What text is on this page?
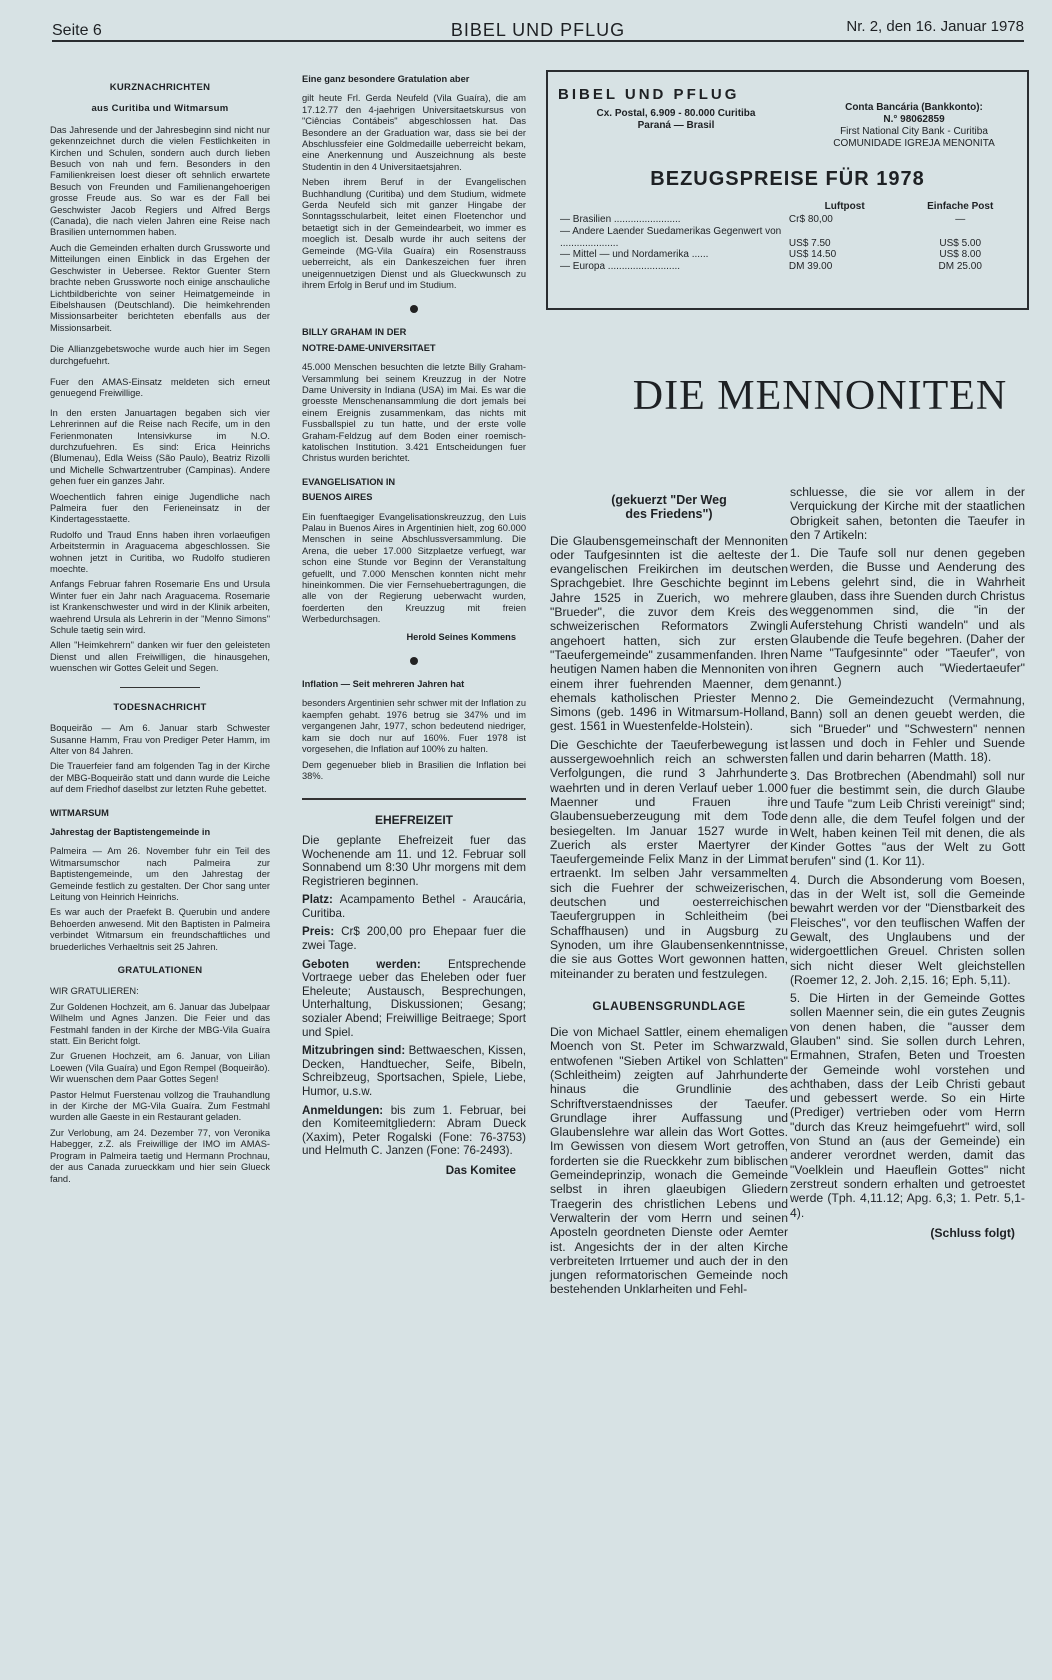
Seite 6	BIBEL UND PFLUG	Nr. 2, den 16. Januar 1978
KURZNACHRICHTEN
aus Curitiba und Witmarsum

Das Jahresende und der Jahresbeginn sind nicht nur gekennzeichnet durch die vielen Festlichkeiten in Kirchen und Schulen, sondern auch durch lieben Besuch von nah und fern. Besonders in den Familienkreisen loest dieser oft sehnlich erwartete Besuch von Freunden und Familienangehoerigen grosse Freude aus. So war es der Fall bei Geschwister Jacob Regiers und Alfred Bergs (Canada), die nach vielen Jahren eine Reise nach Brasilien unternommen haben.

Auch die Gemeinden erhalten durch Grussworte und Mitteilungen einen Einblick in das Ergehen der Geschwister in Uebersee. Rektor Guenter Stern brachte neben Grussworte noch einige anschauliche Lichtbildberichte von seiner Heimatgemeinde in Eibelshausen (Deutschland). Die heimkehrenden Missionsarbeiter berichteten ebenfalls aus der Missionsarbeit.

Die Allianzgebetswoche wurde auch hier im Segen durchgefuehrt.

Fuer den AMAS-Einsatz meldeten sich erneut genuegend Freiwillige.

In den ersten Januartagen begaben sich vier Lehrerinnen auf die Reise nach Recife, um in den Ferienmonaten Intensivkurse im N.O. durchzufuehren. Es sind: Erica Heinrichs (Blumenau), Edla Weiss (São Paulo), Beatriz Rizolli und Michelle Schwartzentruber (Campinas). Andere gehen fuer ein ganzes Jahr.

Woechentlich fahren einige Jugendliche nach Palmeira fuer den Ferieneinsatz in der Kindertagesstaette.

Rudolfo und Traud Enns haben ihren vorlaeufigen Arbeitstermin in Araguacema abgeschlossen. Sie wohnen jetzt in Curitiba, wo Rudolfo studieren moechte.

Anfangs Februar fahren Rosemarie Ens und Ursula Winter fuer ein Jahr nach Araguacema. Rosemarie ist Krankenschwester und wird in der Klinik arbeiten, waehrend Ursula als Lehrerin in der "Menno Simons" Schule taetig sein wird.

Allen "Heimkehrern" danken wir fuer den geleisteten Dienst und allen Freiwilligen, die hinausgehen, wuenschen wir Gottes Geleit und Segen.

TODESNACHRICHT

Boqueirão — Am 6. Januar starb Schwester Susanne Hamm, Frau von Prediger Peter Hamm, im Alter von 84 Jahren.

Die Trauerfeier fand am folgenden Tag in der Kirche der MBG-Boqueirão statt und dann wurde die Leiche auf dem Friedhof daselbst zur letzten Ruhe gebettet.

WITMARSUM
Jahrestag der Baptistengemeinde in

Palmeira — Am 26. November fuhr ein Teil des Witmarsumschor nach Palmeira zur Baptistengemeinde, um den Jahrestag der Gemeinde festlich zu gestalten. Der Chor sang unter Leitung von Heinrich Heinrichs.

Es war auch der Praefekt B. Querubin und andere Behoerden anwesend. Mit den Baptisten in Palmeira verbindet Witmarsum ein freundschaftliches und bruederliches Verhaeltnis seit 25 Jahren.

GRATULATIONEN

WIR GRATULIEREN:

Zur Goldenen Hochzeit, am 6. Januar das Jubelpaar Wilhelm und Agnes Janzen. Die Feier und das Festmahl fanden in der Kirche der MBG-Vila Guaíra statt. Ein Bericht folgt.

Zur Gruenen Hochzeit, am 6. Januar, von Lilian Loewen (Vila Guaíra) und Egon Rempel (Boqueirão). Wir wuenschen dem Paar Gottes Segen!

Pastor Helmut Fuerstenau vollzog die Trauhandlung in der Kirche der MG-Vila Guaíra. Zum Festmahl wurden alle Gaeste in ein Restaurant geladen.

Zur Verlobung, am 24. Dezember 77, von Veronika Habegger, z.Z. als Freiwillige der IMO im AMAS-Program in Palmeira taetig und Hermann Prochnau, der aus Canada zurueckkam und hier sein Glueck fand.

Eine ganz besondere Gratulation aber

gilt heute Frl. Gerda Neufeld (Vila Guaíra), die am 17.12.77 den 4-jaehrigen Universitaetskursus von "Ciências Contábeis" abgeschlossen hat. Das Besondere an der Graduation war, dass sie bei der Abschlussfeier eine Goldmedaille ueberreicht bekam, eine Anerkennung und Auszeichnung als beste Studentin in den 4 Universitaetsjahren.

Neben ihrem Beruf in der Evangelischen Buchhandlung (Curitiba) und dem Studium, widmete Gerda Neufeld sich mit ganzer Hingabe der Sonntagsschularbeit, leitet einen Floetenchor und betaetigt sich in der Gemeindearbeit, wo immer es moeglich ist. Desalb wurde ihr auch seitens der Gemeinde (MG-Vila Guaíra) ein Rosenstrauss ueberreicht, als ein Dankeszeichen fuer ihren uneigennuetzigen Dienst und als Glueckwunsch zu ihrem Erfolg in Beruf und im Studium.

BILLY GRAHAM IN DER
NOTRE-DAME-UNIVERSITAET

45.000 Menschen besuchten die letzte Billy Graham-Versammlung bei seinem Kreuzzug in der Notre Dame University in Indiana (USA) im Mai. Es war die groesste Menschenansammlung die dort jemals bei einem Ereignis zusammenkam, das nichts mit Fussballspiel zu tun hatte, und der erste volle Graham-Feldzug auf dem Boden einer roemisch-katolischen Institution. 3.421 Entscheidungen fuer Christus wurden berichtet.

EVANGELISATION IN
BUENOS AIRES

Ein fuenftaegiger Evangelisationskreuzzug, den Luis Palau in Buenos Aires in Argentinien hielt, zog 60.000 Menschen in seine Abschlussversammlung. Die Arena, die ueber 17.000 Sitzplaetze verfuegt, war schon eine Stunde vor Beginn der Veranstaltung gefuellt, und 7.000 Menschen konnten nicht mehr hineinkommen. Die vier Fernsehuebertragungen, die alle von der Regierung ueberwacht wurden, foerderten den Kreuzzug mit freien Werbedurchsagen.

Herold Seines Kommens
Inflation — Seit mehreren Jahren hat

besonders Argentinien sehr schwer mit der Inflation zu kaempfen gehabt. 1976 betrug sie 347% und im vergangenen Jahr, 1977, schon bedeutend niedriger, kam sie doch nur auf 160%. Fuer 1978 ist vorgesehen, die Inflation auf 100% zu halten.

Dem gegenueber blieb in Brasilien die Inflation bei 38%.

EHEFREIZEIT

Die geplante Ehefreizeit fuer das Wochenende am 11. und 12. Februar soll Sonnabend um 8:30 Uhr morgens mit dem Registrieren beginnen.

Platz: Acampamento Bethel - Araucária, Curitiba.

Preis: Cr$ 200,00 pro Ehepaar fuer die zwei Tage.

Geboten werden: Entsprechende Vortraege ueber das Eheleben oder fuer Eheleute; Austausch, Besprechungen, Unterhaltung, Diskussionen; Gesang; sozialer Abend; Freiwillige Beitraege; Sport und Spiel.

Mitzubringen sind: Bettwaeschen, Kissen, Decken, Handtuecher, Seife, Bibeln, Schreibzeug, Sportsachen, Spiele, Liebe, Humor, u.s.w.

Anmeldungen: bis zum 1. Februar, bei den Komiteemitgliedern: Abram Dueck (Xaxim), Peter Rogalski (Fone: 76-3753) und Helmuth C. Janzen (Fone: 76-2493).

Das Komitee
BIBEL UND PFLUG
Cx. Postal, 6.909 - 80.000 Curitiba
Paraná — Brasil
Conta Bancária (Bankkonto):
N.° 98062859
First National City Bank - Curitiba
COMUNIDADE IGREJA MENONITA
BEZUGSPREISE FÜR 1978
	Luftpost	Einfache Post
— Brasilien ........................	Cr$ 80,00	—
— Andere Laender Suedamerikas Gegenwert von .....................	US$ 7.50	US$ 5.00
— Mittel — und Nordamerika ......	US$ 14.50	US$ 8.00
— Europa ..........................	DM 39.00	DM 25.00
DIE MENNONITEN
(gekuerzt "Der Weg
des Friedens")

Die Glaubensgemeinschaft der Mennoniten oder Taufgesinnten ist die aelteste der evangelischen Freikirchen im deutschen Sprachgebiet. Ihre Geschichte beginnt im Jahre 1525 in Zuerich, wo mehrere "Brueder", die zuvor dem Kreis des schweizerischen Reformators Zwingli angehoert hatten, sich zur ersten "Taeufergemeinde" zusammenfanden. Ihren heutigen Namen haben die Mennoniten von einem ihrer fuehrenden Maenner, dem ehemals katholischen Priester Menno Simons (geb. 1496 in Witmarsum-Holland, gest. 1561 in Wuestenfelde-Holstein).

Die Geschichte der Taeuferbewegung ist aussergewoehnlich reich an schwersten Verfolgungen, die rund 3 Jahrhunderte waehrten und in deren Verlauf ueber 1.000 Maenner und Frauen ihre Glaubensueberzeugung mit dem Tode besiegelten. Im Januar 1527 wurde in Zuerich als erster Maertyrer der Taeufergemeinde Felix Manz in der Limmat ertraenkt. Im selben Jahr versammelten sich die Fuehrer der schweizerischen, deutschen und oesterreichischen Taeufergruppen in Schleitheim (bei Schaffhausen) und in Augsburg zu Synoden, um ihre Glaubensenkenntnisse, die sie aus Gottes Wort gewonnen hatten, miteinander zu beraten und festzulegen.

GLAUBENSGRUNDLAGE

Die von Michael Sattler, einem ehemaligen Moench von St. Peter im Schwarzwald, entwofenen "Sieben Artikel von Schlatten" (Schleitheim) zeigten auf Jahrhunderte hinaus die Grundlinie des Schriftverstaendnisses der Taeufer. Grundlage ihrer Auffassung und Glaubenslehre war allein das Wort Gottes. Im Gewissen von diesem Wort getroffen, forderten sie die Rueckkehr zum biblischen Gemeindeprinzip, wonach die Gemeinde selbst in ihren glaeubigen Gliedern Traegerin des christlichen Lebens und Verwalterin der vom Herrn und seinen Aposteln geordneten Dienste oder Aemter ist. Angesichts der in der alten Kirche verbreiteten Irrtuemer und auch der in den jungen reformatorischen Gemeinde noch bestehenden Unklarheiten und Fehl-

schluesse, die sie vor allem in der Verquickung der Kirche mit der staatlichen Obrigkeit sahen, betonten die Taeufer in den 7 Artikeln:

1. Die Taufe soll nur denen gegeben werden, die Busse und Aenderung des Lebens gelehrt sind, die in Wahrheit glauben, dass ihre Suenden durch Christus weggenommen sind, die "in der Auferstehung Christi wandeln" und als Glaubende die Teufe begehren. (Daher der Name "Taufgesinnte" oder "Taeufer", von ihren Gegnern auch "Wiedertaeufer" genannt.)

2. Die Gemeindezucht (Vermahnung, Bann) soll an denen geuebt werden, die sich "Brueder" und "Schwestern" nennen lassen und doch in Fehler und Suende fallen und darin beharren (Matth. 18).

3. Das Brotbrechen (Abendmahl) soll nur fuer die bestimmt sein, die durch Glaube und Taufe "zum Leib Christi vereinigt" sind; denn alle, die dem Teufel folgen und der Welt, haben keinen Teil mit denen, die als Kinder Gottes "aus der Welt zu Gott berufen" sind (1. Kor 11).

4. Durch die Absonderung vom Boesen, das in der Welt ist, soll die Gemeinde bewahrt werden vor der "Dienstbarkeit des Fleisches", vor den teuflischen Waffen der Gewalt, des Unglaubens und der widergoettlichen Greuel. Christen sollen sich nicht dieser Welt gleichstellen (Roemer 12, 2. Joh. 2,15. 16; Eph. 5,11).

5. Die Hirten in der Gemeinde Gottes sollen Maenner sein, die ein gutes Zeugnis von denen haben, die "ausser dem Glauben" sind. Sie sollen durch Lehren, Ermahnen, Strafen, Beten und Troesten der Gemeinde wohl vorstehen und achthaben, dass der Leib Christi gebaut und gebessert werde. So ein Hirte (Prediger) vertrieben oder vom Herrn "durch das Kreuz heimgefuehrt" wird, soll von Stund an (aus der Gemeinde) ein anderer verordnet werden, damit das "Voelklein und Haeuflein Gottes" nicht zerstreut sondern erhalten und getroestet werde (Tph. 4,11.12; Apg. 6,3; 1. Petr. 5,1-4).

(Schluss folgt)
